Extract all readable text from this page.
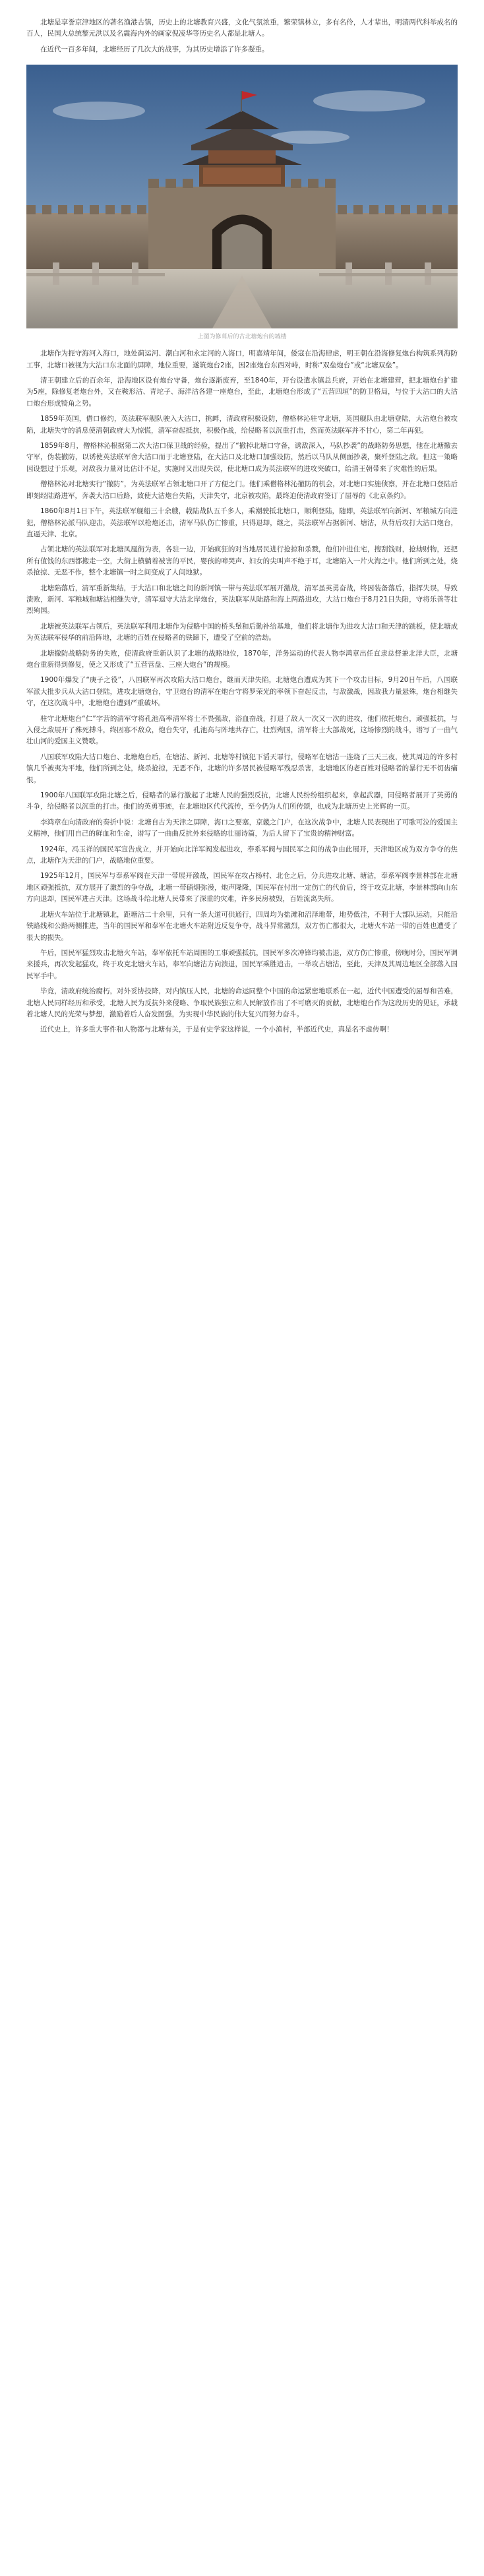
北塘是享誉京津地区的著名渔港古镇，历史上的北塘教育兴盛，文化气氛浓重，繁荣镇林立，多有名伶，人才辈出，明清两代科举成名的百人，民国大总统黎元洪以及名震海内外的画家倪凌华等历史名人都是北塘人。

在近代一百多年间，北塘经历了几次大的战事，为其历史增添了许多凝重。

上图为修葺后的古北塘炮台的城楼

北塘作为扼守海河入海口，地处蓟运河、潮白河和永定河的入海口，明嘉靖年间，倭寇在沿海肆虐，明王朝在沿海修复炮台构筑系列海防工事，北塘口被视为大沽口东北面的屏障，地位重要，遂筑炮台2座，因2座炮台东西对峙，时称“双垒炮台”或“北塘双垒”。

清王朝建立后的百余年，沿海地区设有炮台守备，炮台逐渐废弃，至1840年，开台设遣水镇总兵府，开始在北塘建营，把北塘炮台扩建为5座，除修复老炮台外，又在鞍形沽、青坨子、海洋沽各建一座炮台，至此，北塘炮台形成了“五营四垣”的防卫格局，与位于大沽口的大沽口炮台形成犄角之势。

1859年英国，借口修约，英法联军舰队驶入大沽口，挑衅，清政府积极设防，僧格林沁驻守北塘，英国舰队由北塘登陆，大沽炮台被攻陷，北塘失守的消息使清朝政府大为惊慌，清军奋起抵抗，积极作战，给侵略者以沉重打击，然而英法联军并不甘心，第二年再犯。

1859年8月，僧格林沁根据第二次大沽口保卫战的经验，提出了“撤掉北塘口守备，诱敌深入，马队抄袭”的战略防务思想，他在北塘撤去守军，伪装撤防，以诱使英法联军舍大沽口而于北塘登陆，在大沽口及北塘口加强设防，然后以马队从侧面抄袭，聚歼登陆之敌。但这一策略因设想过于乐观，对敌我力量对比估计不足，实施时又出现失误，使北塘口成为英法联军的进攻突破口，给清王朝带来了灾难性的后果。

僧格林沁对北塘实行“撤防”，为英法联军占领北塘口开了方便之门。他们乘僧格林沁撤防的机会，对北塘口实施侦察，并在北塘口登陆后即刻经陆路进军，奔袭大沽口后路，致使大沽炮台失陷，天津失守，北京被攻陷，最终迫使清政府签订了屈辱的《北京条约》。

1860年8月1日下午，英法联军舰船三十余艘，载陆战队五千多人，乘潮驶抵北塘口，顺利登陆，随即，英法联军向新河、军粮城方向进犯，僧格林沁派马队迎击，英法联军以枪炮还击，清军马队伤亡惨重，只得退却，继之，英法联军占据新河、塘沽，从背后攻打大沽口炮台，直逼天津、北京。

占领北塘的英法联军对北塘凤凰街为表，各驻一边，开始疯狂的对当地居民进行抢掠和杀戮，他们冲进住宅，搜刮钱财，抢劫财物，还把所有值钱的东西都搬走一空，大街上横躺着被害的平民，婴孩的啼哭声、妇女的尖叫声不绝于耳，北塘陷入一片火海之中。他们所到之处，烧杀抢掠、无恶不作，整个北塘镇一时之间变成了人间地狱。

北塘陷落后，清军重新集结，于大沽口和北塘之间的新河镇一带与英法联军展开激战，清军虽英勇奋战，终因装备落后，指挥失误，导致溃败，新河、军粮城和塘沽相继失守，清军退守大沽北岸炮台，英法联军从陆路和海上两路进攻，大沽口炮台于8月21日失陷，守将乐善等壮烈殉国。

北塘被英法联军占领后，英法联军利用北塘作为侵略中国的桥头堡和后勤补给基地，他们将北塘作为进攻大沽口和天津的跳板，使北塘成为英法联军侵华的前沿阵地，北塘的百姓在侵略者的铁蹄下，遭受了空前的浩劫。

北塘撤防战略防务的失败，使清政府重新认识了北塘的战略地位，1870年，洋务运动的代表人物李鸿章出任直隶总督兼北洋大臣，北塘炮台重新得到修复，使之又形成了“五营营盘、三座大炮台”的规模。

1900年爆发了“庚子之役”，八国联军再次攻陷大沽口炮台，继而天津失陷，北塘炮台遭成为其下一个攻击目标，9月20日午后，八国联军派大批步兵从大沽口登陆，进攻北塘炮台，守卫炮台的清军在炮台守将罗荣光的率领下奋起反击，与敌激战，因敌我力量悬殊，炮台相继失守，在这次战斗中，北塘炮台遭到严重破坏。

驻守北塘炮台“仁”字营的清军守将孔池高率清军将士不畏强敌，浴血奋战，打退了敌人一次又一次的进攻，他们依托炮台，顽强抵抗，与入侵之敌展开了殊死搏斗，终因寡不敌众，炮台失守，孔池高与阵地共存亡，壮烈殉国，清军将士大部战死，这场惨烈的战斗，谱写了一曲气壮山河的爱国主义赞歌。

八国联军攻陷大沽口炮台、北塘炮台后，在塘沽、新河、北塘等村镇犯下滔天罪行，侵略军在塘沽一连烧了三天三夜，使其周边的许多村镇几乎被夷为平地，他们所到之处，烧杀抢掠，无恶不作，北塘的许多居民被侵略军残忍杀害，北塘地区的老百姓对侵略者的暴行无不切齿痛恨。

1900年八国联军攻陷北塘之后，侵略者的暴行激起了北塘人民的强烈反抗，北塘人民纷纷组织起来，拿起武器，同侵略者展开了英勇的斗争，给侵略者以沉重的打击。他们的英勇事迹，在北塘地区代代流传，至今仍为人们所传颂，也成为北塘历史上光辉的一页。

李鸿章在向清政府的奏折中说：北塘自古为天津之屏障，海口之要塞，京畿之门户，在这次战争中，北塘人民表现出了可歌可泣的爱国主义精神，他们用自己的鲜血和生命，谱写了一曲曲反抗外来侵略的壮丽诗篇，为后人留下了宝贵的精神财富。

1924年，冯玉祥的国民军宣告成立，并开始向北洋军阀发起进攻，奉系军阀与国民军之间的战争由此展开，天津地区成为双方争夺的焦点，北塘作为天津的门户，战略地位重要。

1925年12月，国民军与奉系军阀在天津一带展开激战，国民军在攻占杨村、北仓之后，分兵进攻北塘、塘沽，奉系军阀李景林部在北塘地区顽强抵抗，双方展开了激烈的争夺战，北塘一带硝烟弥漫，炮声隆隆，国民军在付出一定伤亡的代价后，终于攻克北塘，李景林部向山东方向退却，国民军进占天津。这场战斗给北塘人民带来了深重的灾难，许多民房被毁，百姓流离失所。

北塘火车站位于北塘镇北，距塘沽二十余里，只有一条大道可供通行，四周均为盐滩和沼泽地带，地势低洼，不利于大部队运动，只能沿铁路线和公路两侧推进，当年的国民军和奉军在北塘火车站附近反复争夺，战斗异常激烈，双方伤亡都很大，北塘火车站一带的百姓也遭受了很大的损失。

午后，国民军猛烈攻击北塘火车站，奉军依托车站周围的工事顽强抵抗，国民军多次冲锋均被击退，双方伤亡惨重，傍晚时分，国民军调来援兵，再次发起猛攻，终于攻克北塘火车站，奉军向塘沽方向溃退，国民军乘胜追击，一举攻占塘沽，至此，天津及其周边地区全部落入国民军手中。

毕竟，清政府统治腐朽，对外妥协投降，对内镇压人民，北塘的命运同整个中国的命运紧密地联系在一起，近代中国遭受的屈辱和苦难，北塘人民同样经历和承受，北塘人民为反抗外来侵略、争取民族独立和人民解放作出了不可磨灭的贡献，北塘炮台作为这段历史的见证，承载着北塘人民的光荣与梦想，激励着后人奋发图强，为实现中华民族的伟大复兴而努力奋斗。

近代史上，许多重大事件和人物都与北塘有关，于是有史学家这样说，一个小渔村，半部近代史，真是名不虚传啊！
